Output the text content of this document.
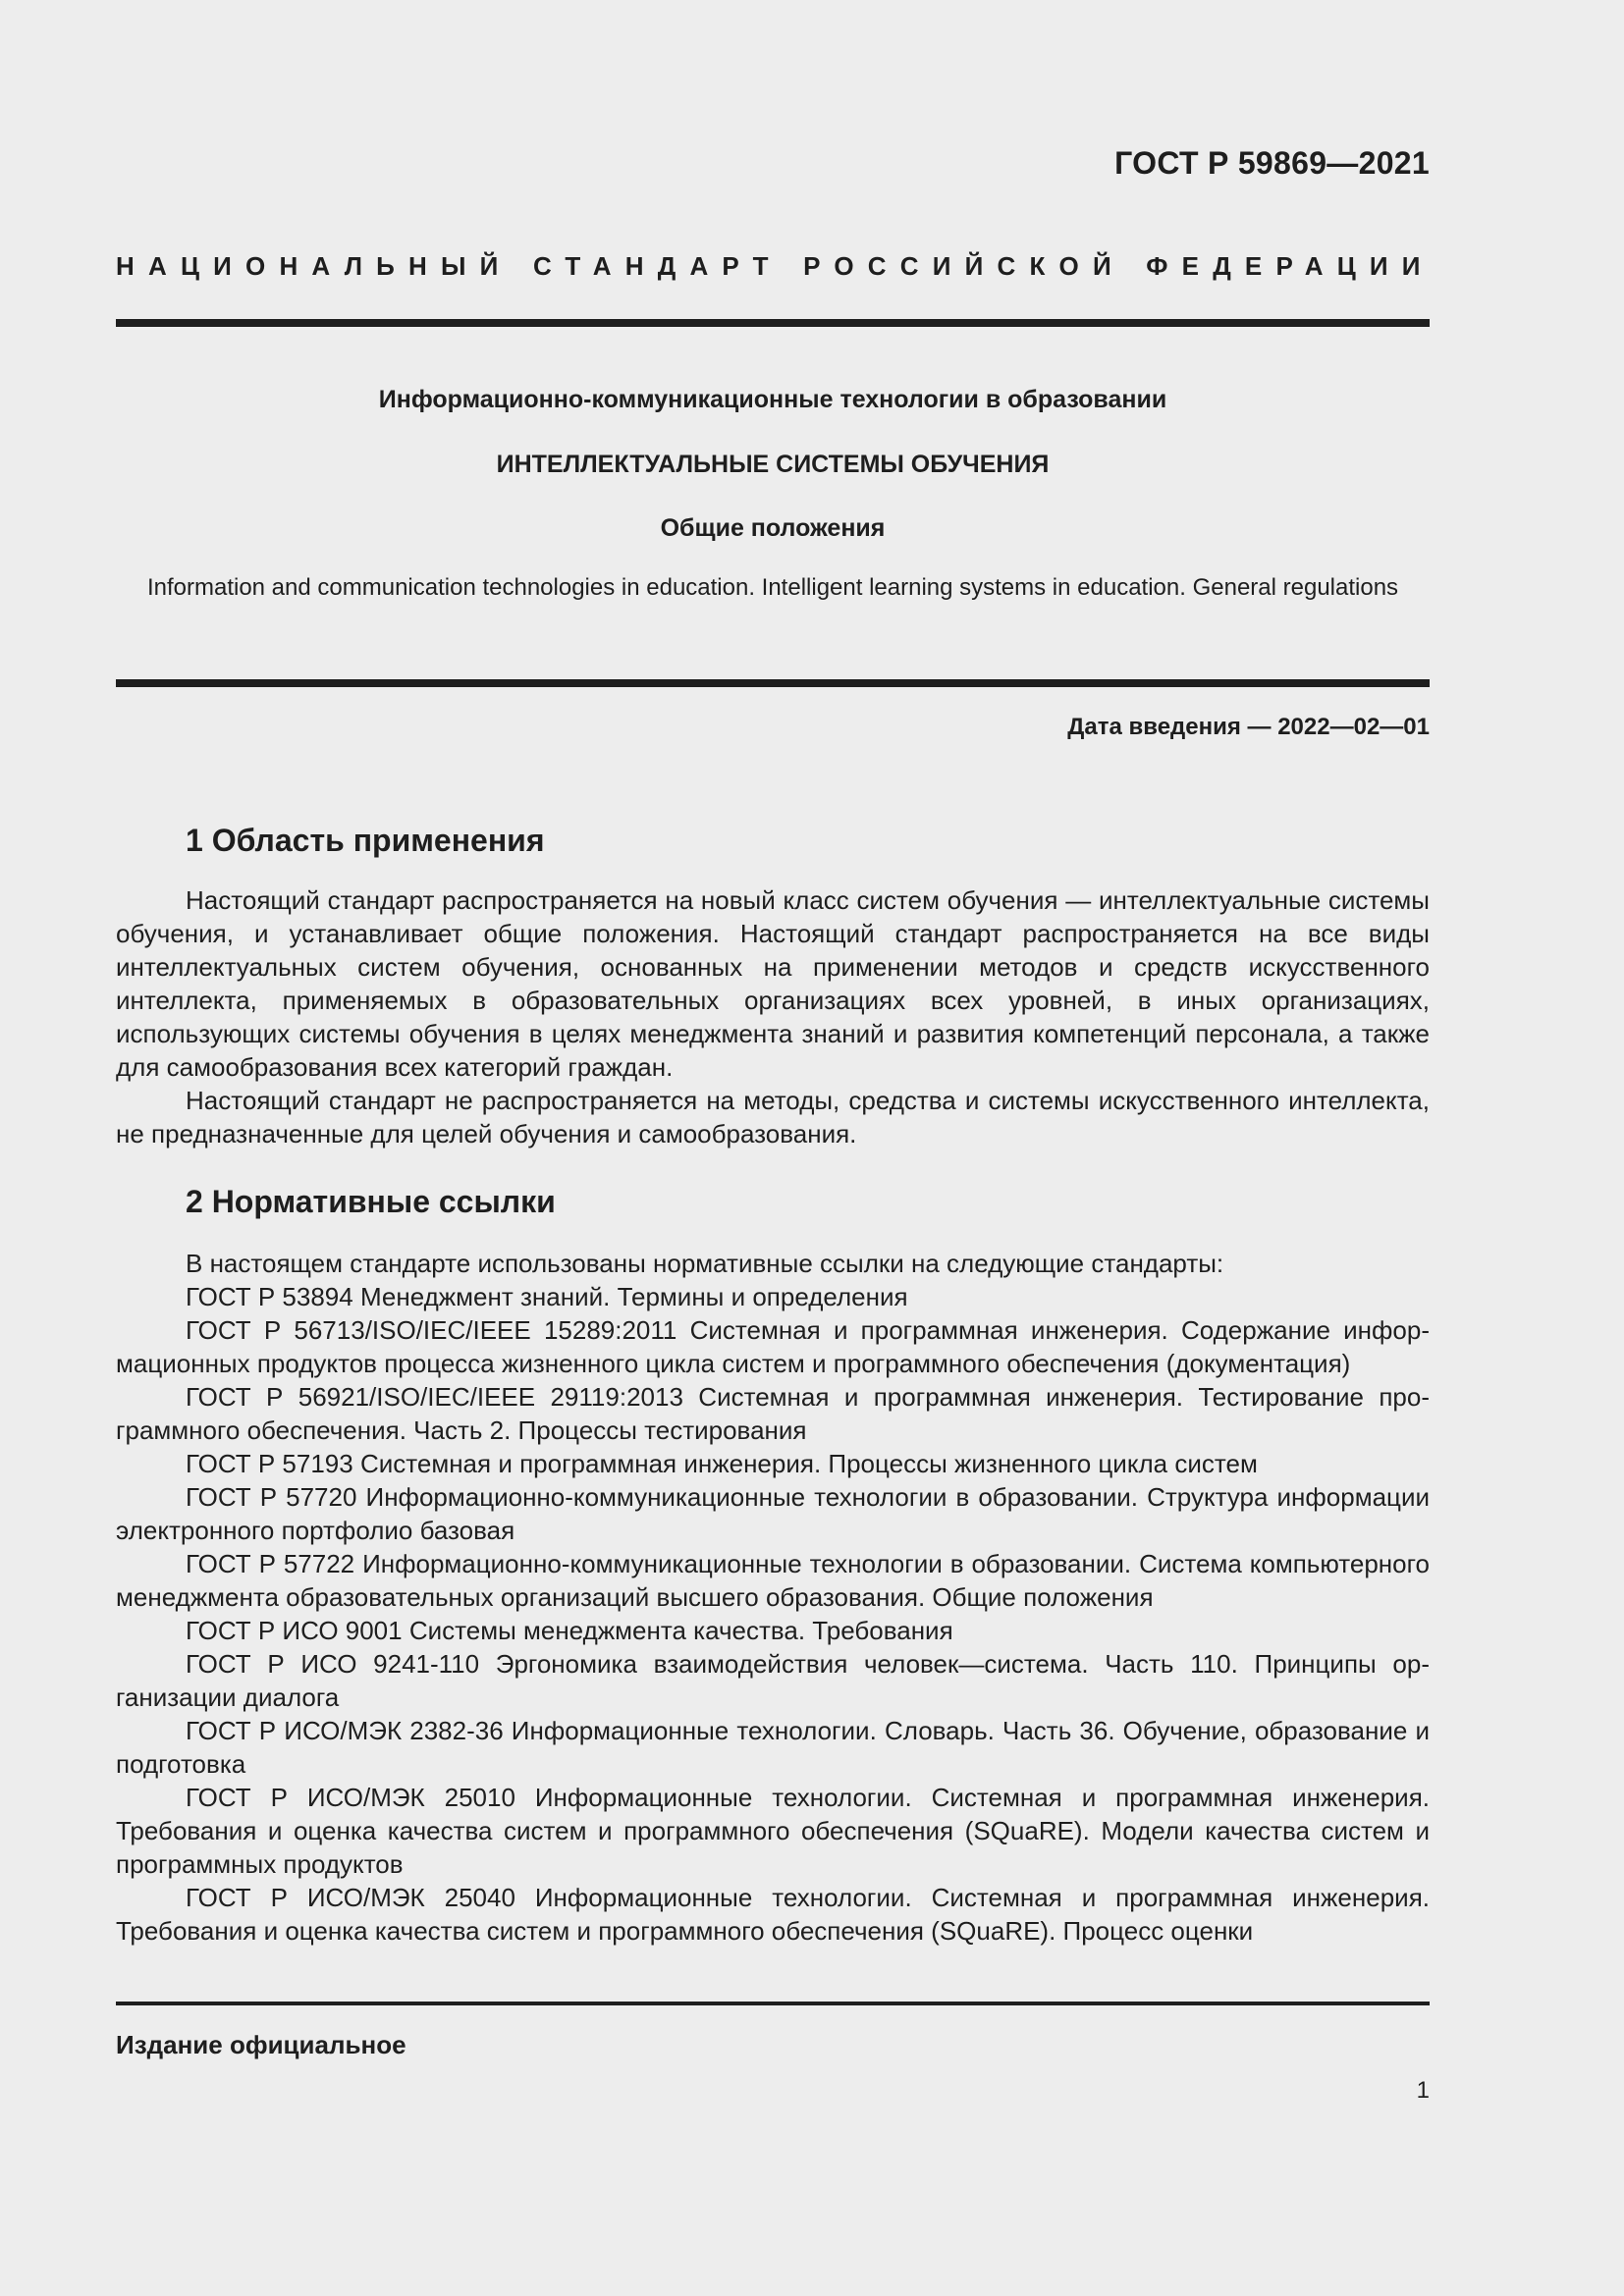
ГОСТ Р 59869—2021
НАЦИОНАЛЬНЫЙ СТАНДАРТ РОССИЙСКОЙ ФЕДЕРАЦИИ
Информационно-коммуникационные технологии в образовании
ИНТЕЛЛЕКТУАЛЬНЫЕ СИСТЕМЫ ОБУЧЕНИЯ
Общие положения
Information and communication technologies in education. Intelligent learning systems in education. General regulations
Дата введения — 2022—02—01
1 Область применения

Настоящий стандарт распространяется на новый класс систем обучения — интеллектуальные системы обучения, и устанавливает общие положения. Настоящий стандарт распространяется на все виды интеллектуальных систем обучения, основанных на применении методов и средств искусственного интеллекта, применяемых в образовательных организациях всех уровней, в иных организациях, использующих системы обучения в целях менеджмента знаний и развития компетенций персонала, а также для самообразования всех категорий граждан.

Настоящий стандарт не распространяется на методы, средства и системы искусственного интеллекта, не предназначенные для целей обучения и самообразования.

2 Нормативные ссылки

В настоящем стандарте использованы нормативные ссылки на следующие стандарты:

ГОСТ Р 53894 Менеджмент знаний. Термины и определения

ГОСТ Р 56713/ISO/IEC/IEEE 15289:2011 Системная и программная инженерия. Содержание информационных продуктов процесса жизненного цикла систем и программного обеспечения (документация)

ГОСТ Р 56921/ISO/IEC/IEEE 29119:2013 Системная и программная инженерия. Тестирование программного обеспечения. Часть 2. Процессы тестирования

ГОСТ Р 57193 Системная и программная инженерия. Процессы жизненного цикла систем

ГОСТ Р 57720 Информационно-коммуникационные технологии в образовании. Структура информации электронного портфолио базовая

ГОСТ Р 57722 Информационно-коммуникационные технологии в образовании. Система компьютерного менеджмента образовательных организаций высшего образования. Общие положения

ГОСТ Р ИСО 9001 Системы менеджмента качества. Требования

ГОСТ Р ИСО 9241-110 Эргономика взаимодействия человек—система. Часть 110. Принципы организации диалога

ГОСТ Р ИСО/МЭК 2382-36 Информационные технологии. Словарь. Часть 36. Обучение, образование и подготовка

ГОСТ Р ИСО/МЭК 25010 Информационные технологии. Системная и программная инженерия. Требования и оценка качества систем и программного обеспечения (SQuaRE). Модели качества систем и программных продуктов

ГОСТ Р ИСО/МЭК 25040 Информационные технологии. Системная и программная инженерия. Требования и оценка качества систем и программного обеспечения (SQuaRE). Процесс оценки

Издание официальное
1
